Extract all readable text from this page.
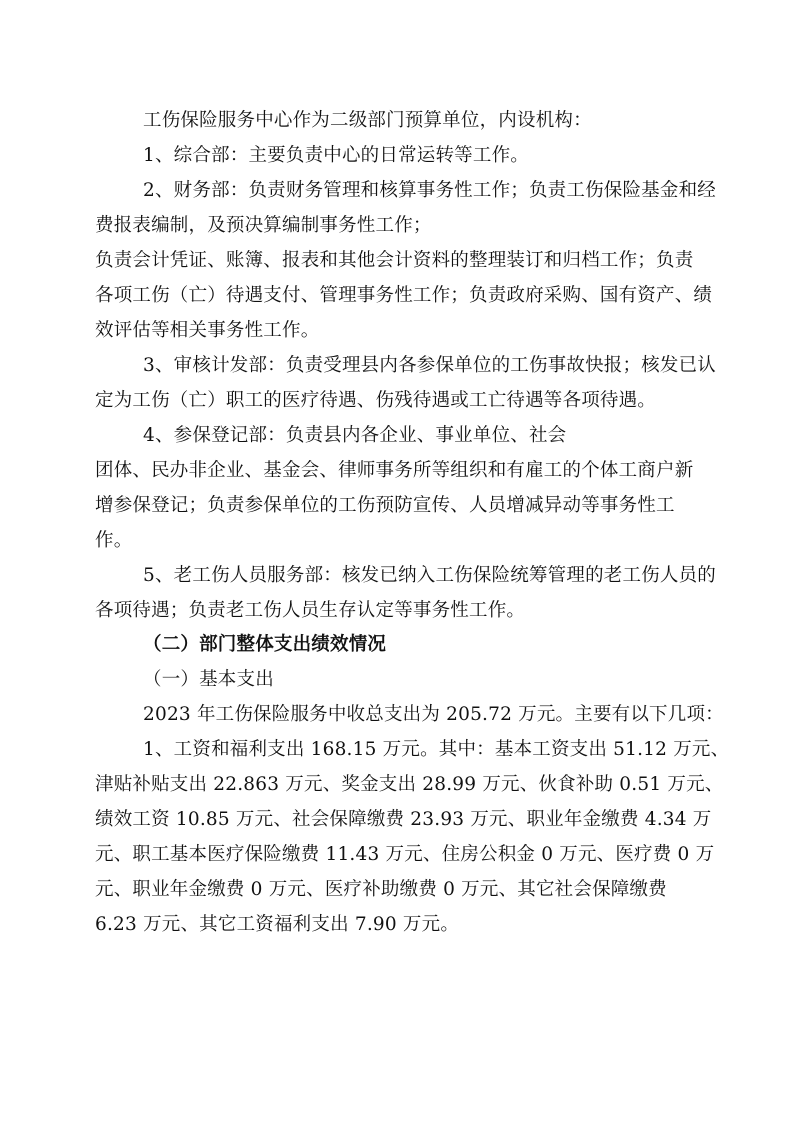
工伤保险服务中心作为二级部门预算单位，内设机构：
1、综合部：主要负责中心的日常运转等工作。
2、财务部：负责财务管理和核算事务性工作；负责工伤保险基金和经
费报表编制，及预决算编制事务性工作；
负责会计凭证、账簿、报表和其他会计资料的整理装订和归档工作；负责
各项工伤（亡）待遇支付、管理事务性工作；负责政府采购、国有资产、绩
效评估等相关事务性工作。
3、审核计发部：负责受理县内各参保单位的工伤事故快报；核发已认
定为工伤（亡）职工的医疗待遇、伤残待遇或工亡待遇等各项待遇。
4、参保登记部：负责县内各企业、事业单位、社会
团体、民办非企业、基金会、律师事务所等组织和有雇工的个体工商户新
增参保登记；负责参保单位的工伤预防宣传、人员增减异动等事务性工
作。
5、老工伤人员服务部：核发已纳入工伤保险统筹管理的老工伤人员的
各项待遇；负责老工伤人员生存认定等事务性工作。
（二）部门整体支出绩效情况
（一）基本支出
2023 年工伤保险服务中收总支出为 205.72 万元。主要有以下几项：
1、工资和福利支出 168.15 万元。其中：基本工资支出 51.12 万元、
津贴补贴支出 22.863 万元、奖金支出 28.99 万元、伙食补助 0.51 万元、
绩效工资 10.85 万元、社会保障缴费 23.93 万元、职业年金缴费 4.34 万
元、职工基本医疗保险缴费 11.43 万元、住房公积金 0 万元、医疗费 0 万
元、职业年金缴费 0 万元、医疗补助缴费 0 万元、其它社会保障缴费
6.23 万元、其它工资福利支出 7.90 万元。
